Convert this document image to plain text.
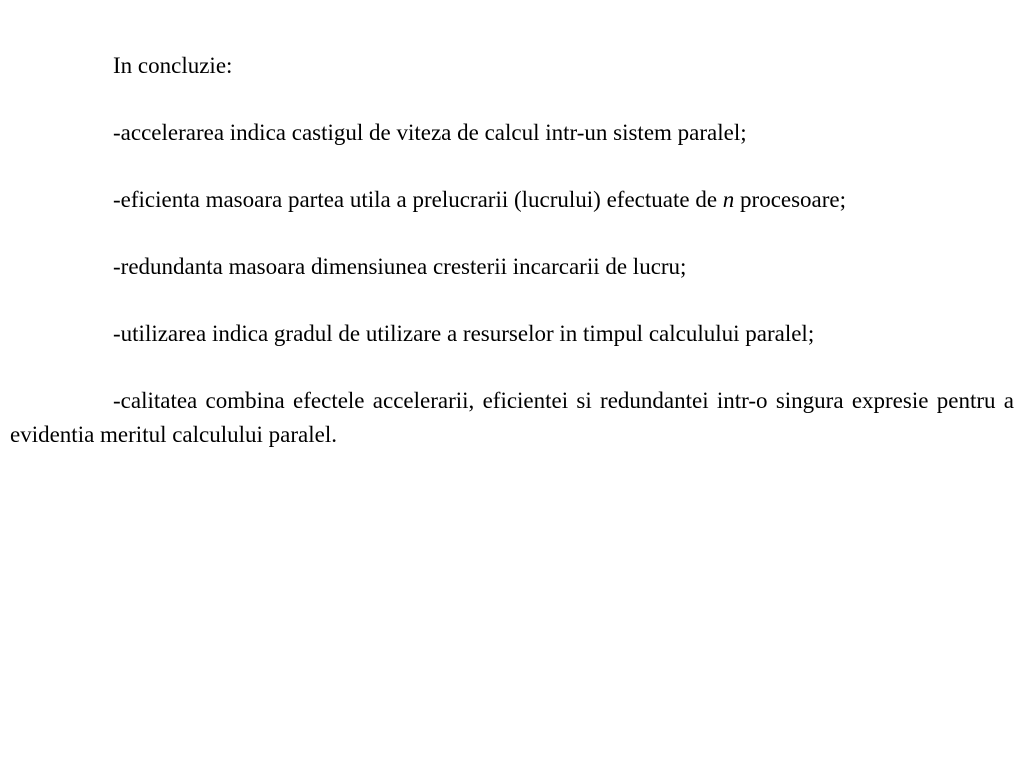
In concluzie:

-accelerarea indica castigul de viteza de calcul intr-un sistem paralel;

-eficienta masoara partea utila a prelucrarii (lucrului) efectuate de n procesoare;

-redundanta masoara dimensiunea cresterii incarcarii de lucru;

-utilizarea indica gradul de utilizare a resurselor in timpul calculului paralel;

-calitatea combina efectele accelerarii, eficientei si redundantei intr-o singura expresie pentru a evidentia meritul calculului paralel.
